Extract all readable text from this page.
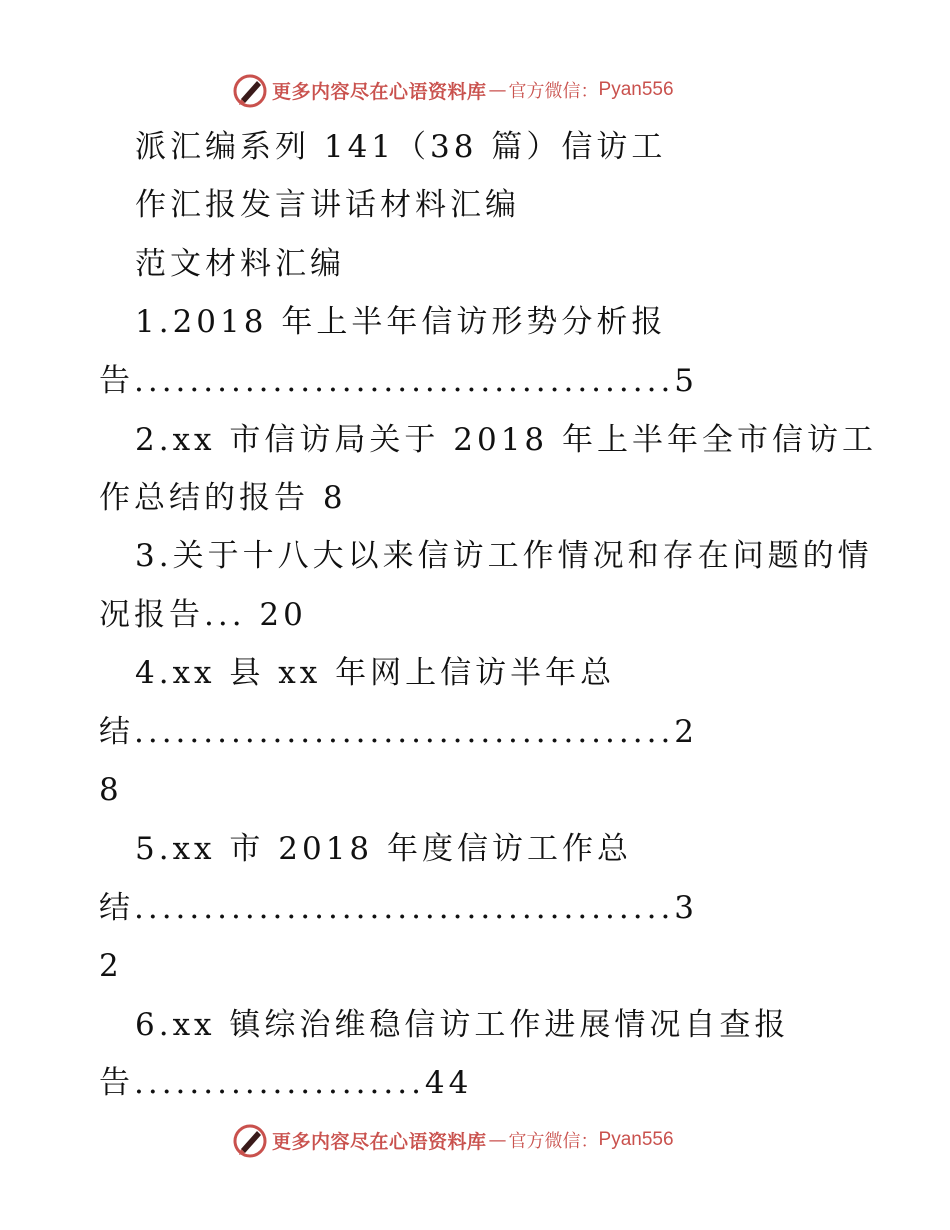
更多内容尽在心语资料库 — 官方微信： Pyan556
派汇编系列 141（38 篇）信访工
作汇报发言讲话材料汇编
范文材料汇编
1.2018 年上半年信访形势分析报
告.......................................5
2.xx 市信访局关于 2018 年上半年全市信访工
作总结的报告 8
3.关于十八大以来信访工作情况和存在问题的情
况报告... 20
4.xx 县 xx 年网上信访半年总
结.......................................2
8
5.xx 市 2018 年度信访工作总
结.......................................3
2
6.xx 镇综治维稳信访工作进展情况自查报
告.....................44
更多内容尽在心语资料库 — 官方微信： Pyan556
